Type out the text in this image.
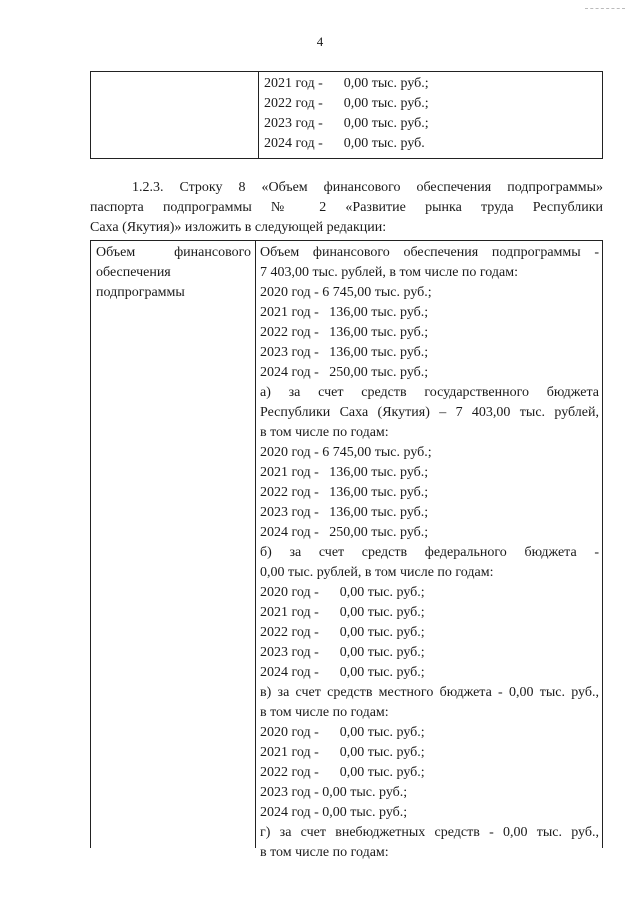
4
2021 год -      0,00 тыс. руб.;
2022 год -      0,00 тыс. руб.;
2023 год -      0,00 тыс. руб.;
2024 год -      0,00 тыс. руб.
1.2.3. Строку 8 «Объем финансового обеспечения подпрограммы»
паспорта подпрограммы № 2 «Развитие рынка труда Республики
Саха (Якутия)» изложить в следующей редакции:
Объем финансового
обеспечения
подпрограммы
Объем финансового обеспечения подпрограммы -
7 403,00 тыс. рублей, в том числе по годам:
2020 год - 6 745,00 тыс. руб.;
2021 год -   136,00 тыс. руб.;
2022 год -   136,00 тыс. руб.;
2023 год -   136,00 тыс. руб.;
2024 год -   250,00 тыс. руб.;
а) за счет средств государственного бюджета
Республики Саха (Якутия) – 7 403,00 тыс. рублей,
в том числе по годам:
2020 год - 6 745,00 тыс. руб.;
2021 год -   136,00 тыс. руб.;
2022 год -   136,00 тыс. руб.;
2023 год -   136,00 тыс. руб.;
2024 год -   250,00 тыс. руб.;
б) за счет средств федерального бюджета -
0,00 тыс. рублей, в том числе по годам:
2020 год -      0,00 тыс. руб.;
2021 год -      0,00 тыс. руб.;
2022 год -      0,00 тыс. руб.;
2023 год -      0,00 тыс. руб.;
2024 год -      0,00 тыс. руб.;
в) за счет средств местного бюджета - 0,00 тыс. руб.,
в том числе по годам:
2020 год -      0,00 тыс. руб.;
2021 год -      0,00 тыс. руб.;
2022 год -      0,00 тыс. руб.;
2023 год - 0,00 тыс. руб.;
2024 год - 0,00 тыс. руб.;
г) за счет внебюджетных средств - 0,00 тыс. руб.,
в том числе по годам:
